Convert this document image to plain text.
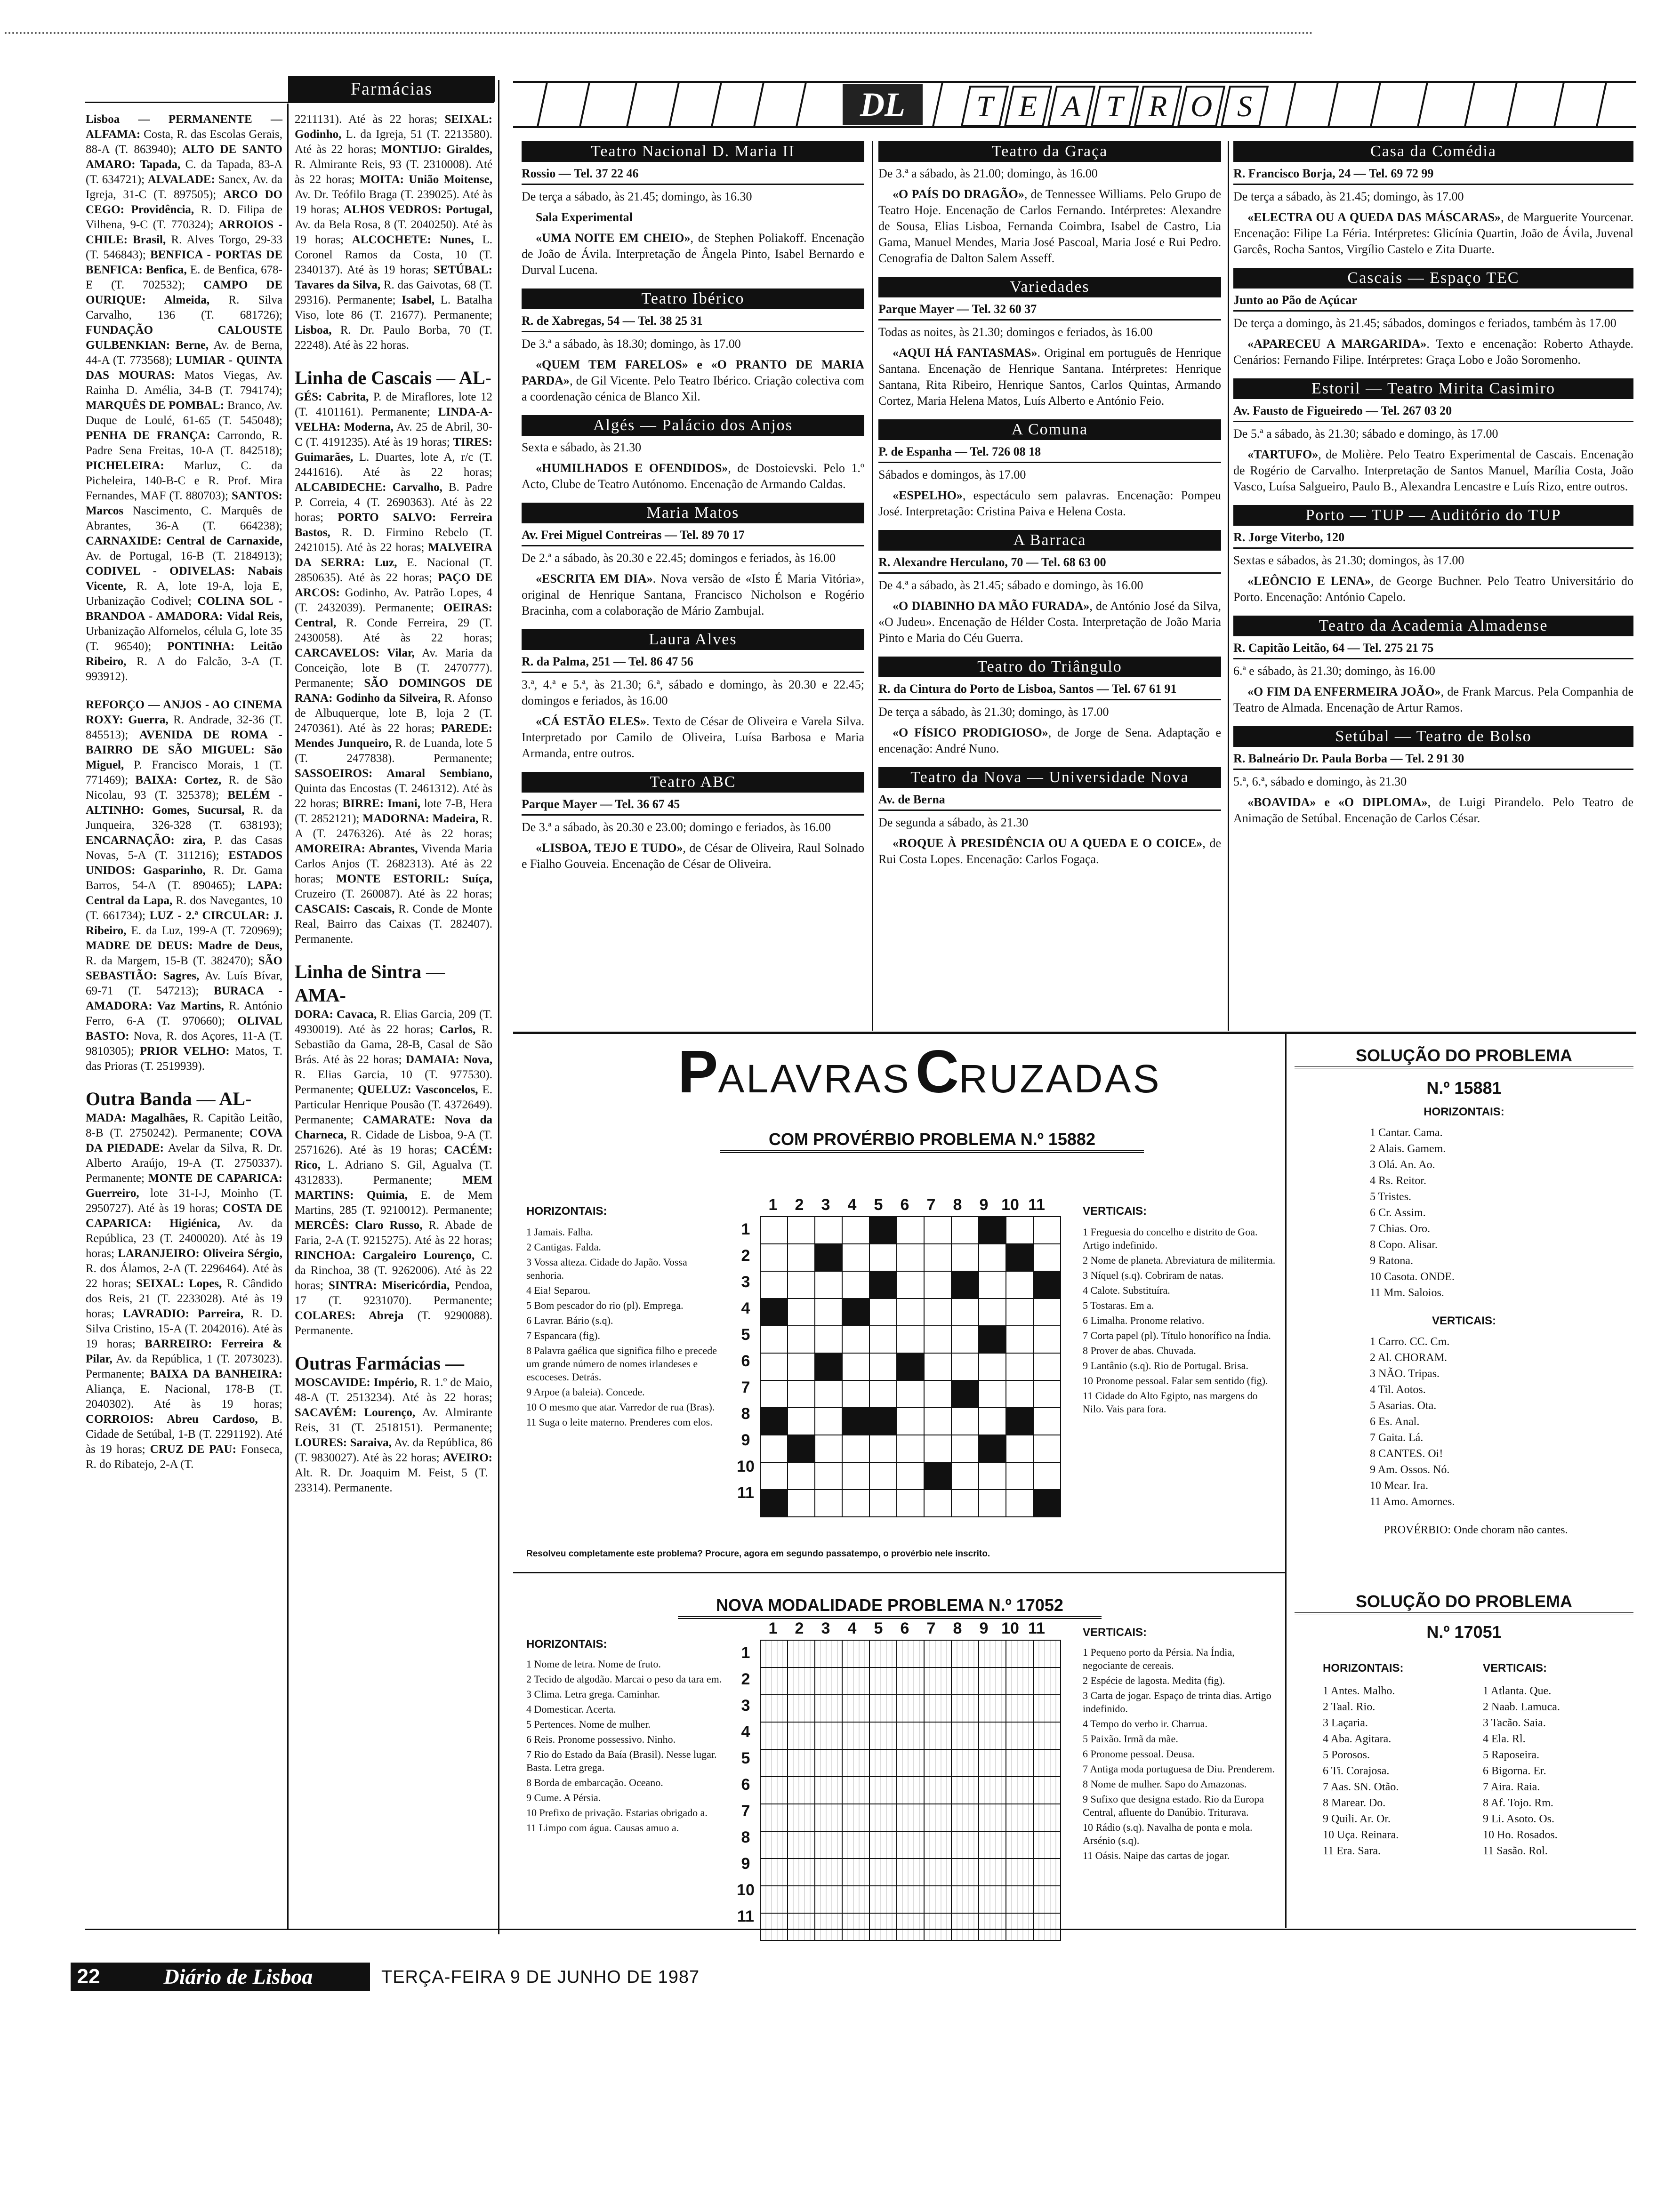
Farmácias

Lisboa — PERMANENTE — ALFAMA: Costa, R. das Escolas Gerais, 88-A (T. 863940); ALTO DE SANTO AMARO: Tapada, C. da Tapada, 83-A (T. 634721); ALVALADE: Sanex, Av. da Igreja, 31-C (T. 897505); ARCO DO CEGO: Providência, R. D. Filipa de Vilhena, 9-C (T. 770324); ARROIOS - CHILE: Brasil, R. Alves Torgo, 29-33 (T. 546843); BENFICA - PORTAS DE BENFICA: Benfica, E. de Benfica, 678-E (T. 702532); CAMPO DE OURIQUE: Almeida, R. Silva Carvalho, 136 (T. 681726); FUNDAÇÃO CALOUSTE GULBENKIAN: Berne, Av. de Berna, 44-A (T. 773568); LUMIAR - QUINTA DAS MOURAS: Matos Viegas, Av. Rainha D. Amélia, 34-B (T. 794174); MARQUÊS DE POMBAL: Branco, Av. Duque de Loulé, 61-65 (T. 545048); PENHA DE FRANÇA: Carrondo, R. Padre Sena Freitas, 10-A (T. 842518); PICHELEIRA: Marluz, C. da Picheleira, 140-B-C e R. Prof. Mira Fernandes, MAF (T. 880703); SANTOS: Marcos Nascimento, C. Marquês de Abrantes, 36-A (T. 664238); CARNAXIDE: Central de Carnaxide, Av. de Portugal, 16-B (T. 2184913); CODIVEL - ODIVELAS: Nabais Vicente, R. A, lote 19-A, loja E, Urbanização Codivel; COLINA SOL - BRANDOA - AMADORA: Vidal Reis, Urbanização Alfornelos, célula G, lote 35 (T. 96540); PONTINHA: Leitão Ribeiro, R. A do Falcão, 3-A (T. 993912).

REFORÇO — ANJOS - AO CINEMA ROXY: Guerra, R. Andrade, 32-36 (T. 845513); AVENIDA DE ROMA - BAIRRO DE SÃO MIGUEL: São Miguel, P. Francisco Morais, 1 (T. 771469); BAIXA: Cortez, R. de São Nicolau, 93 (T. 325378); BELÉM - ALTINHO: Gomes, Sucursal, R. da Junqueira, 326-328 (T. 638193); ENCARNAÇÃO: zira, P. das Casas Novas, 5-A (T. 311216); ESTADOS UNIDOS: Gasparinho, R. Dr. Gama Barros, 54-A (T. 890465); LAPA: Central da Lapa, R. dos Navegantes, 10 (T. 661734); LUZ - 2.ª CIRCULAR: J. Ribeiro, E. da Luz, 199-A (T. 720969); MADRE DE DEUS: Madre de Deus, R. da Margem, 15-B (T. 382470); SÃO SEBASTIÃO: Sagres, Av. Luís Bívar, 69-71 (T. 547213); BURACA - AMADORA: Vaz Martins, R. António Ferro, 6-A (T. 970660); OLIVAL BASTO: Nova, R. dos Açores, 11-A (T. 9810305); PRIOR VELHO: Matos, T. das Prioras (T. 2519939).

Outra Banda — AL-

MADA: Magalhães, R. Capitão Leitão, 8-B (T. 2750242). Permanente; COVA DA PIEDADE: Avelar da Silva, R. Dr. Alberto Araújo, 19-A (T. 2750337). Permanente; MONTE DE CAPARICA: Guerreiro, lote 31-I-J, Moinho (T. 2950727). Até às 19 horas; COSTA DE CAPARICA: Higiénica, Av. da República, 23 (T. 2400020). Até às 19 horas; LARANJEIRO: Oliveira Sérgio, R. dos Álamos, 2-A (T. 2296464). Até às 22 horas; SEIXAL: Lopes, R. Cândido dos Reis, 21 (T. 2233028). Até às 19 horas; LAVRADIO: Parreira, R. D. Silva Cristino, 15-A (T. 2042016). Até às 19 horas; BARREIRO: Ferreira & Pilar, Av. da República, 1 (T. 2073023). Permanente; BAIXA DA BANHEIRA: Aliança, E. Nacional, 178-B (T. 2040302). Até às 19 horas; CORROIOS: Abreu Cardoso, B. Cidade de Setúbal, 1-B (T. 2291192). Até às 19 horas; CRUZ DE PAU: Fonseca, R. do Ribatejo, 2-A (T.

2211131). Até às 22 horas; SEIXAL: Godinho, L. da Igreja, 51 (T. 2213580). Até às 22 horas; MONTIJO: Giraldes, R. Almirante Reis, 93 (T. 2310008). Até às 22 horas; MOITA: União Moitense, Av. Dr. Teófilo Braga (T. 239025). Até às 19 horas; ALHOS VEDROS: Portugal, Av. da Bela Rosa, 8 (T. 2040250). Até às 19 horas; ALCOCHETE: Nunes, L. Coronel Ramos da Costa, 10 (T. 2340137). Até às 19 horas; SETÚBAL: Tavares da Silva, R. das Gaivotas, 68 (T. 29316). Permanente; Isabel, L. Batalha Viso, lote 86 (T. 21677). Permanente; Lisboa, R. Dr. Paulo Borba, 70 (T. 22248). Até às 22 horas.

Linha de Cascais — AL-

GÉS: Cabrita, P. de Miraflores, lote 12 (T. 4101161). Permanente; LINDA-A-VELHA: Moderna, Av. 25 de Abril, 30-C (T. 4191235). Até às 19 horas; TIRES: Guimarães, L. Duartes, lote A, r/c (T. 2441616). Até às 22 horas; ALCABIDECHE: Carvalho, B. Padre P. Correia, 4 (T. 2690363). Até às 22 horas; PORTO SALVO: Ferreira Bastos, R. D. Firmino Rebelo (T. 2421015). Até às 22 horas; MALVEIRA DA SERRA: Luz, E. Nacional (T. 2850635). Até às 22 horas; PAÇO DE ARCOS: Godinho, Av. Patrão Lopes, 4 (T. 2432039). Permanente; OEIRAS: Central, R. Conde Ferreira, 29 (T. 2430058). Até às 22 horas; CARCAVELOS: Vilar, Av. Maria da Conceição, lote B (T. 2470777). Permanente; SÃO DOMINGOS DE RANA: Godinho da Silveira, R. Afonso de Albuquerque, lote B, loja 2 (T. 2470361). Até às 22 horas; PAREDE: Mendes Junqueiro, R. de Luanda, lote 5 (T. 2477838). Permanente; SASSOEIROS: Amaral Sembiano, Quinta das Encostas (T. 2461312). Até às 22 horas; BIRRE: Imani, lote 7-B, Hera (T. 2852121); MADORNA: Madeira, R. A (T. 2476326). Até às 22 horas; AMOREIRA: Abrantes, Vivenda Maria Carlos Anjos (T. 2682313). Até às 22 horas; MONTE ESTORIL: Suíça, Cruzeiro (T. 260087). Até às 22 horas; CASCAIS: Cascais, R. Conde de Monte Real, Bairro das Caixas (T. 282407). Permanente.

Linha de Sintra — AMA-

DORA: Cavaca, R. Elias Garcia, 209 (T. 4930019). Até às 22 horas; Carlos, R. Sebastião da Gama, 28-B, Casal de São Brás. Até às 22 horas; DAMAIA: Nova, R. Elias Garcia, 10 (T. 977530). Permanente; QUELUZ: Vasconcelos, E. Particular Henrique Pousão (T. 4372649). Permanente; CAMARATE: Nova da Charneca, R. Cidade de Lisboa, 9-A (T. 2571626). Até às 19 horas; CACÉM: Rico, L. Adriano S. Gil, Agualva (T. 4312833). Permanente; MEM MARTINS: Quimia, E. de Mem Martins, 285 (T. 9210012). Permanente; MERCÊS: Claro Russo, R. Abade de Faria, 2-A (T. 9215275). Até às 22 horas; RINCHOA: Cargaleiro Lourenço, C. da Rinchoa, 38 (T. 9262006). Até às 22 horas; SINTRA: Misericórdia, Pendoa, 17 (T. 9231070). Permanente; COLARES: Abreja (T. 9290088). Permanente.

Outras Farmácias —

MOSCAVIDE: Império, R. 1.º de Maio, 48-A (T. 2513234). Até às 22 horas; SACAVÉM: Lourenço, Av. Almirante Reis, 31 (T. 2518151). Permanente; LOURES: Saraiva, Av. da República, 86 (T. 9830027). Até às 22 horas; AVEIRO: Alt. R. Dr. Joaquim M. Feist, 5 (T. 23314). Permanente.

DL	T E A T R O S
Teatro Nacional D. Maria II
Rossio — Tel. 37 22 46

De terça a sábado, às 21.45; domingo, às 16.30

Sala Experimental

«UMA NOITE EM CHEIO», de Stephen Poliakoff. Encenação de João de Ávila. Interpretação de Ângela Pinto, Isabel Bernardo e Durval Lucena.

Teatro Ibérico
R. de Xabregas, 54 — Tel. 38 25 31

De 3.ª a sábado, às 18.30; domingo, às 17.00

«QUEM TEM FARELOS» e «O PRANTO DE MARIA PARDA», de Gil Vicente. Pelo Teatro Ibérico. Criação colectiva com a coordenação cénica de Blanco Xil.

Algés — Palácio dos Anjos

Sexta e sábado, às 21.30

«HUMILHADOS E OFENDIDOS», de Dostoievski. Pelo 1.º Acto, Clube de Teatro Autónomo. Encenação de Armando Caldas.

Maria Matos
Av. Frei Miguel Contreiras — Tel. 89 70 17

De 2.ª a sábado, às 20.30 e 22.45; domingos e feriados, às 16.00

«ESCRITA EM DIA». Nova versão de «Isto É Maria Vitória», original de Henrique Santana, Francisco Nicholson e Rogério Bracinha, com a colaboração de Mário Zambujal.

Laura Alves
R. da Palma, 251 — Tel. 86 47 56

3.ª, 4.ª e 5.ª, às 21.30; 6.ª, sábado e domingo, às 20.30 e 22.45; domingos e feriados, às 16.00

«CÁ ESTÃO ELES». Texto de César de Oliveira e Varela Silva. Interpretado por Camilo de Oliveira, Luísa Barbosa e Maria Armanda, entre outros.

Teatro ABC
Parque Mayer — Tel. 36 67 45

De 3.ª a sábado, às 20.30 e 23.00; domingo e feriados, às 16.00

«LISBOA, TEJO E TUDO», de César de Oliveira, Raul Solnado e Fialho Gouveia. Encenação de César de Oliveira.

Teatro da Graça

De 3.ª a sábado, às 21.00; domingo, às 16.00

«O PAÍS DO DRAGÃO», de Tennessee Williams. Pelo Grupo de Teatro Hoje. Encenação de Carlos Fernando. Intérpretes: Alexandre de Sousa, Elias Lisboa, Fernanda Coimbra, Isabel de Castro, Lia Gama, Manuel Mendes, Maria José Pascoal, Maria José e Rui Pedro. Cenografia de Dalton Salem Asseff.

Variedades
Parque Mayer — Tel. 32 60 37

Todas as noites, às 21.30; domingos e feriados, às 16.00

«AQUI HÁ FANTASMAS». Original em português de Henrique Santana. Encenação de Henrique Santana. Intérpretes: Henrique Santana, Rita Ribeiro, Henrique Santos, Carlos Quintas, Armando Cortez, Maria Helena Matos, Luís Alberto e António Feio.

A Comuna
P. de Espanha — Tel. 726 08 18

Sábados e domingos, às 17.00

«ESPELHO», espectáculo sem palavras. Encenação: Pompeu José. Interpretação: Cristina Paiva e Helena Costa.

A Barraca
R. Alexandre Herculano, 70 — Tel. 68 63 00

De 4.ª a sábado, às 21.45; sábado e domingo, às 16.00

«O DIABINHO DA MÃO FURADA», de António José da Silva, «O Judeu». Encenação de Hélder Costa. Interpretação de João Maria Pinto e Maria do Céu Guerra.

Teatro do Triângulo
R. da Cintura do Porto de Lisboa, Santos — Tel. 67 61 91

De terça a sábado, às 21.30; domingo, às 17.00

«O FÍSICO PRODIGIOSO», de Jorge de Sena. Adaptação e encenação: André Nuno.

Teatro da Nova — Universidade Nova
Av. de Berna

De segunda a sábado, às 21.30

«ROQUE À PRESIDÊNCIA OU A QUEDA E O COICE», de Rui Costa Lopes. Encenação: Carlos Fogaça.

Casa da Comédia
R. Francisco Borja, 24 — Tel. 69 72 99

De terça a sábado, às 21.45; domingo, às 17.00

«ELECTRA OU A QUEDA DAS MÁSCARAS», de Marguerite Yourcenar. Encenação: Filipe La Féria. Intérpretes: Glicínia Quartin, João de Ávila, Juvenal Garcês, Rocha Santos, Virgílio Castelo e Zita Duarte.

Cascais — Espaço TEC
Junto ao Pão de Açúcar

De terça a domingo, às 21.45; sábados, domingos e feriados, também às 17.00

«APARECEU A MARGARIDA». Texto e encenação: Roberto Athayde. Cenários: Fernando Filipe. Intérpretes: Graça Lobo e João Soromenho.

Estoril — Teatro Mirita Casimiro
Av. Fausto de Figueiredo — Tel. 267 03 20

De 5.ª a sábado, às 21.30; sábado e domingo, às 17.00

«TARTUFO», de Molière. Pelo Teatro Experimental de Cascais. Encenação de Rogério de Carvalho. Interpretação de Santos Manuel, Marília Costa, João Vasco, Luísa Salgueiro, Paulo B., Alexandra Lencastre e Luís Rizo, entre outros.

Porto — TUP — Auditório do TUP
R. Jorge Viterbo, 120

Sextas e sábados, às 21.30; domingos, às 17.00

«LEÔNCIO E LENA», de George Buchner. Pelo Teatro Universitário do Porto. Encenação: António Capelo.

Teatro da Academia Almadense
R. Capitão Leitão, 64 — Tel. 275 21 75

6.ª e sábado, às 21.30; domingo, às 16.00

«O FIM DA ENFERMEIRA JOÃO», de Frank Marcus. Pela Companhia de Teatro de Almada. Encenação de Artur Ramos.

Setúbal — Teatro de Bolso
R. Balneário Dr. Paula Borba — Tel. 2 91 30

5.ª, 6.ª, sábado e domingo, às 21.30

«BOAVIDA» e «O DIPLOMA», de Luigi Pirandelo. Pelo Teatro de Animação de Setúbal. Encenação de Carlos César.

PALAVRASCRUZADAS
COM PROVÉRBIO PROBLEMA N.º 15882
HORIZONTAIS:
1 Jamais. Falha.
2 Cantigas. Falda.
3 Vossa alteza. Cidade do Japão. Vossa senhoria.
4 Eia! Separou.
5 Bom pescador do rio (pl). Emprega.
6 Lavrar. Bário (s.q).
7 Espancara (fig).
8 Palavra gaélica que significa filho e precede um grande número de nomes irlandeses e escoceses. Detrás.
9 Arpoe (a baleia). Concede.
10 O mesmo que atar. Varredor de rua (Bras).
11 Suga o leite materno. Prenderes com elos.
1	2	3	4	5	6	7	8	9 10 11
1
2
3
4
5
6
7
8
9
10
11

VERTICAIS:
1 Freguesia do concelho e distrito de Goa. Artigo indefinido.
2 Nome de planeta. Abreviatura de militermia.
3 Níquel (s.q). Cobriram de natas.
4 Calote. Substituíra.
5 Tostaras. Em a.
6 Limalha. Pronome relativo.
7 Corta papel (pl). Título honorífico na Índia.
8 Prover de abas. Chuvada.
9 Lantânio (s.q). Rio de Portugal. Brisa.
10 Pronome pessoal. Falar sem sentido (fig).
11 Cidade do Alto Egipto, nas margens do Nilo. Vais para fora.
Resolveu completamente este problema? Procure, agora em segundo passatempo, o provérbio nele inscrito.
SOLUÇÃO DO PROBLEMA
N.º 15881
HORIZONTAIS:
1 Cantar. Cama.
2 Alais. Gamem.
3 Olá. An. Ao.
4 Rs. Reitor.
5 Tristes.
6 Cr. Assim.
7 Chias. Oro.
8 Copo. Alisar.
9 Ratona.
10 Casota. ONDE.
11 Mm. Saloios.
VERTICAIS:
1 Carro. CC. Cm.
2 Al. CHORAM.
3 NÃO. Tripas.
4 Til. Aotos.
5 Asarias. Ota.
6 Es. Anal.
7 Gaita. Lá.
8 CANTES. Oi!
9 Am. Ossos. Nó.
10 Mear. Ira.
11 Amo. Amornes.
PROVÉRBIO: Onde choram não cantes.
NOVA MODALIDADE PROBLEMA N.º 17052
HORIZONTAIS:
1 Nome de letra. Nome de fruto.
2 Tecido de algodão. Marcai o peso da tara em.
3 Clima. Letra grega. Caminhar.
4 Domesticar. Acerta.
5 Pertences. Nome de mulher.
6 Reis. Pronome possessivo. Ninho.
7 Rio do Estado da Baía (Brasil). Nesse lugar. Basta. Letra grega.
8 Borda de embarcação. Oceano.
9 Cume. A Pérsia.
10 Prefixo de privação. Estarias obrigado a.
11 Limpo com água. Causas amuo a.
1	2	3	4	5	6	7	8	9 10 11
1
2
3
4
5
6
7
8
9
10
11

VERTICAIS:
1 Pequeno porto da Pérsia. Na Índia, negociante de cereais.
2 Espécie de lagosta. Medita (fig).
3 Carta de jogar. Espaço de trinta dias. Artigo indefinido.
4 Tempo do verbo ir. Charrua.
5 Paixão. Irmã da mãe.
6 Pronome pessoal. Deusa.
7 Antiga moda portuguesa de Diu. Prenderem.
8 Nome de mulher. Sapo do Amazonas.
9 Sufixo que designa estado. Rio da Europa Central, afluente do Danúbio. Triturava.
10 Rádio (s.q). Navalha de ponta e mola. Arsénio (s.q).
11 Oásis. Naipe das cartas de jogar.
SOLUÇÃO DO PROBLEMA
N.º 17051
HORIZONTAIS:
1 Antes. Malho.
2 Taal. Rio.
3 Laçaria.
4 Aba. Agitara.
5 Porosos.
6 Ti. Corajosa.
7 Aas. SN. Otão.
8 Marear. Do.
9 Quili. Ar. Or.
10 Uça. Reinara.
11 Era. Sara.
VERTICAIS:
1 Atlanta. Que.
2 Naab. Lamuca.
3 Tacão. Saia.
4 Ela. Rl.
5 Raposeira.
6 Bigorna. Er.
7 Aira. Raia.
8 Af. Tojo. Rm.
9 Li. Asoto. Os.
10 Ho. Rosados.
11 Sasão. Rol.
22	Diário de Lisboa	TERÇA-FEIRA 9 DE JUNHO DE 1987
